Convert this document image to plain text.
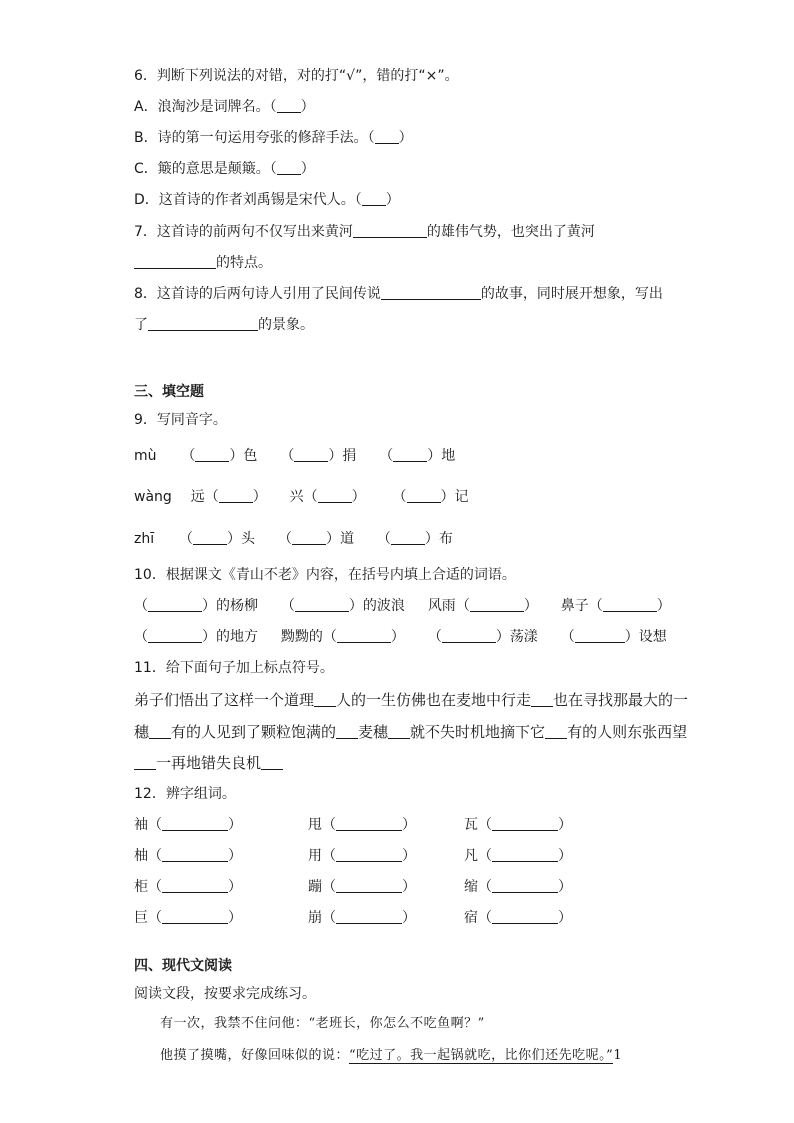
6．判断下列说法的对错，对的打“√”，错的打“×”。
A．浪淘沙是词牌名。（ ）
B．诗的第一句运用夸张的修辞手法。（ ）
C．簸的意思是颠簸。（ ）
D．这首诗的作者刘禹锡是宋代人。（ ）
7．这首诗的前两句不仅写出来黄河	的雄伟气势，也突出了黄河
的特点。
8．这首诗的后两句诗人引用了民间传说	的故事，同时展开想象，写出
了	的景象。
三、填空题
9．写同音字。
mù （ ）色 （ ）捐 （ ）地
wàng 远（ ） 兴（ ） （ ）记
zhī （ ）头 （ ）道 （ ）布
10．根据课文《青山不老》内容，在括号内填上合适的词语。
（	）的杨柳 （	）的波浪 风雨（	） 鼻子（	）
（	）的地方 黝黝的（	） （	）荡漾 （	）设想
11．给下面句子加上标点符号。
弟子们悟出了这样一个道理 人的一生仿佛也在麦地中行走 也在寻找那最大的一
穗 有的人见到了颗粒饱满的 麦穗 就不失时机地摘下它 有的人则东张西望
一再地错失良机
12．辨字组词。
袖（	）	甩（	）	瓦（	）
柚（	）	用（	）	凡（	）
柜（	）	蹦（	）	缩（	）
巨（	）	崩（	）	宿（	）
四、现代文阅读
阅读文段，按要求完成练习。
有一次，我禁不住问他：“老班长，你怎么不吃鱼啊？”
他摸了摸嘴，好像回味似的说：“吃过了。我一起锅就吃，比你们还先吃呢。”1
